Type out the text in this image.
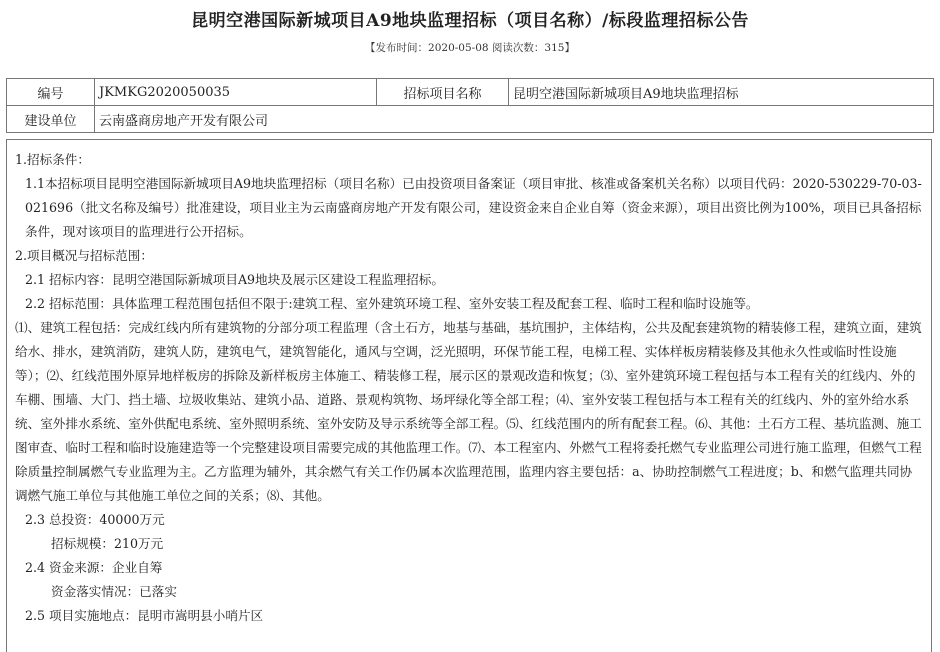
昆明空港国际新城项目A9地块监理招标（项目名称）/标段监理招标公告
【发布时间：2020-05-08 阅读次数：315】
编号	JKMKG2020050035	招标项目名称	昆明空港国际新城项目A9地块监理招标
建设单位	云南盛商房地产开发有限公司		

1.招标条件：

1.1本招标项目昆明空港国际新城项目A9地块监理招标（项目名称）已由投资项目备案证（项目审批、核准或备案机关名称）以项目代码：2020-530229-70-03-021696（批文名称及编号）批准建设，项目业主为云南盛商房地产开发有限公司，建设资金来自企业自筹（资金来源），项目出资比例为100%，项目已具备招标条件，现对该项目的监理进行公开招标。

2.项目概况与招标范围：

2.1 招标内容：昆明空港国际新城项目A9地块及展示区建设工程监理招标。

2.2 招标范围：具体监理工程范围包括但不限于:建筑工程、室外建筑环境工程、室外安装工程及配套工程、临时工程和临时设施等。

⑴、建筑工程包括：完成红线内所有建筑物的分部分项工程监理（含土石方，地基与基础，基坑围护，主体结构，公共及配套建筑物的精装修工程，建筑立面，建筑给水、排水，建筑消防，建筑人防，建筑电气，建筑智能化，通风与空调，泛光照明，环保节能工程，电梯工程、实体样板房精装修及其他永久性或临时性设施等）；⑵、红线范围外原异地样板房的拆除及新样板房主体施工、精装修工程，展示区的景观改造和恢复；⑶、室外建筑环境工程包括与本工程有关的红线内、外的车棚、围墙、大门、挡土墙、垃圾收集站、建筑小品、道路、景观构筑物、场坪绿化等全部工程；⑷、室外安装工程包括与本工程有关的红线内、外的室外给水系统、室外排水系统、室外供配电系统、室外照明系统、室外安防及导示系统等全部工程。⑸、红线范围内的所有配套工程。⑹、其他：土石方工程、基坑监测、施工图审查、临时工程和临时设施建造等一个完整建设项目需要完成的其他监理工作。⑺、本工程室内、外燃气工程将委托燃气专业监理公司进行施工监理，但燃气工程除质量控制属燃气专业监理为主。乙方监理为辅外，其余燃气有关工作仍属本次监理范围，监理内容主要包括：a、协助控制燃气工程进度；b、和燃气监理共同协调燃气施工单位与其他施工单位之间的关系；⑻、其他。

2.3 总投资：40000万元

招标规模：210万元

2.4 资金来源：企业自筹

资金落实情况：已落实

2.5 项目实施地点：昆明市嵩明县小哨片区
